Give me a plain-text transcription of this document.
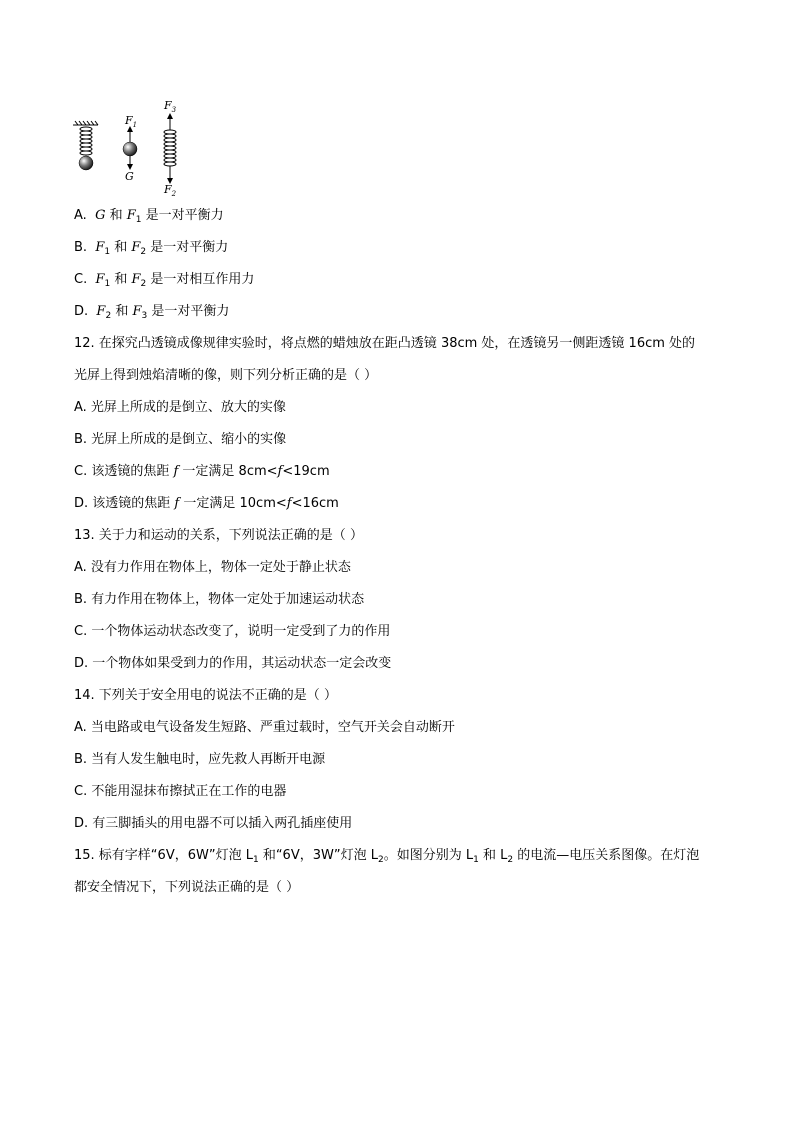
$F_1$
G
$F_3$
$F_2$
A. G 和 $F_1$ 是一对平衡力
B. $F_1$ 和 $F_2$ 是一对平衡力
C. $F_1$ 和 $F_2$ 是一对相互作用力
D. $F_2$ 和 $F_3$ 是一对平衡力
12. 在探究凸透镜成像规律实验时，将点燃的蜡烛放在距凸透镜 38cm 处，在透镜另一侧距透镜 16cm 处的
光屏上得到烛焰清晰的像，则下列分析正确的是（ ）
A. 光屏上所成的是倒立、放大的实像
B. 光屏上所成的是倒立、缩小的实像
C. 该透镜的焦距 f 一定满足 8cm<f<19cm
D. 该透镜的焦距 f 一定满足 10cm<f<16cm
13. 关于力和运动的关系，下列说法正确的是（ ）
A. 没有力作用在物体上，物体一定处于静止状态
B. 有力作用在物体上，物体一定处于加速运动状态
C. 一个物体运动状态改变了，说明一定受到了力的作用
D. 一个物体如果受到力的作用，其运动状态一定会改变
14. 下列关于安全用电的说法不正确的是（ ）
A. 当电路或电气设备发生短路、严重过载时，空气开关会自动断开
B. 当有人发生触电时，应先救人再断开电源
C. 不能用湿抹布擦拭正在工作的电器
D. 有三脚插头的用电器不可以插入两孔插座使用
15. 标有字样“6V，6W”灯泡 $L_1$ 和“6V，3W”灯泡 $L_2$。如图分别为 $L_1$ 和 $L_2$ 的电流—电压关系图像。在灯泡
都安全情况下，下列说法正确的是（ ）
